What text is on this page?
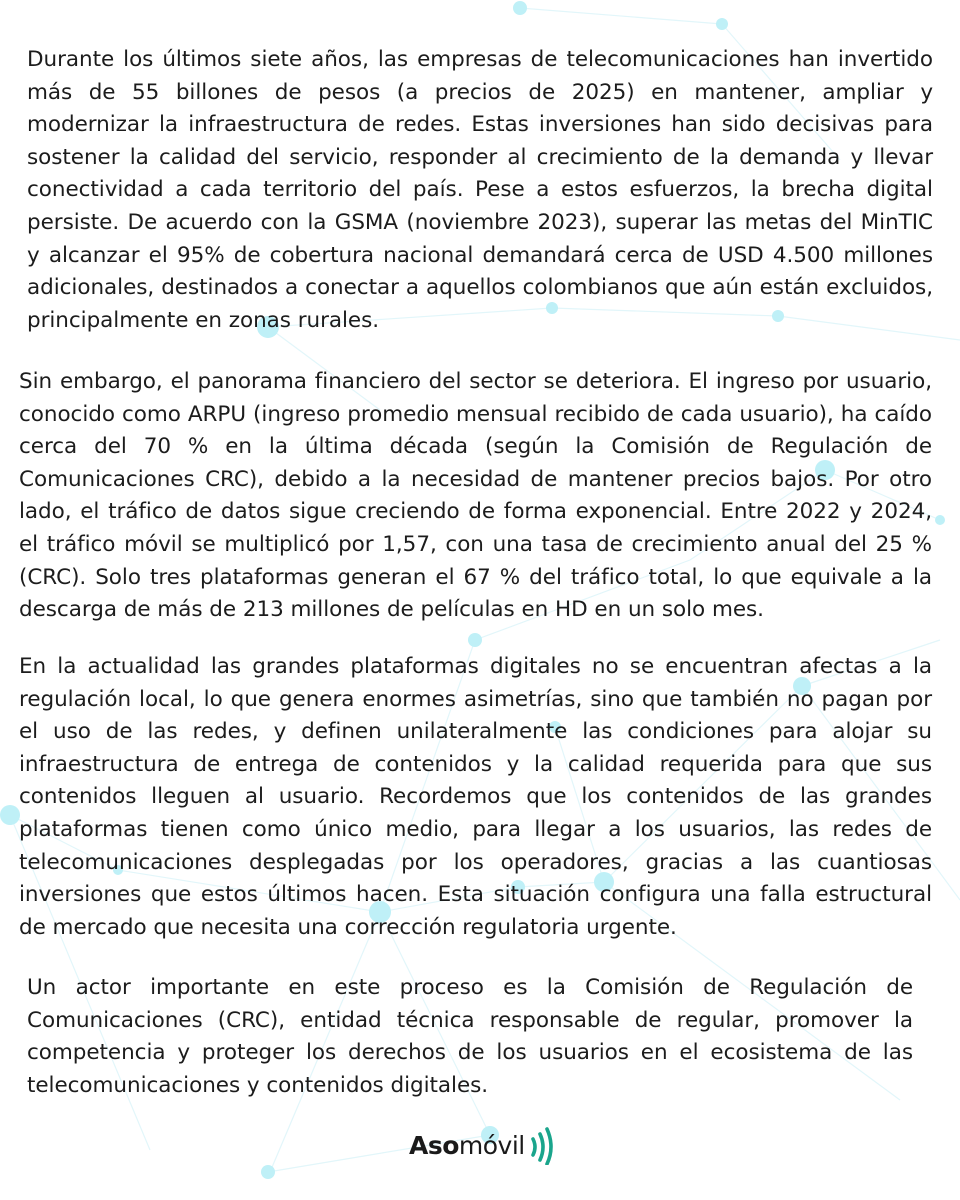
Durante los últimos siete años, las empresas de telecomunicaciones han invertido más de 55 billones de pesos (a precios de 2025) en mantener, ampliar y modernizar la infraestructura de redes. Estas inversiones han sido decisivas para sostener la calidad del servicio, responder al crecimiento de la demanda y llevar conectividad a cada territorio del país. Pese a estos esfuerzos, la brecha digital persiste. De acuerdo con la GSMA (noviembre 2023), superar las metas del MinTIC y alcanzar el 95% de cobertura nacional demandará cerca de USD 4.500 millones adicionales, destinados a conectar a aquellos colombianos que aún están excluidos, principalmente en zonas rurales.

Sin embargo, el panorama financiero del sector se deteriora. El ingreso por usuario, conocido como ARPU (ingreso promedio mensual recibido de cada usuario), ha caído cerca del 70 % en la última década (según la Comisión de Regulación de Comunicaciones CRC), debido a la necesidad de mantener precios bajos. Por otro lado, el tráfico de datos sigue creciendo de forma exponencial. Entre 2022 y 2024, el tráfico móvil se multiplicó por 1,57, con una tasa de crecimiento anual del 25 % (CRC). Solo tres plataformas generan el 67 % del tráfico total, lo que equivale a la descarga de más de 213 millones de películas en HD en un solo mes.

En la actualidad las grandes plataformas digitales no se encuentran afectas a la regulación local, lo que genera enormes asimetrías, sino que también no pagan por el uso de las redes, y definen unilateralmente las condiciones para alojar su infraestructura de entrega de contenidos y la calidad requerida para que sus contenidos lleguen al usuario. Recordemos que los contenidos de las grandes plataformas tienen como único medio, para llegar a los usuarios, las redes de telecomunicaciones desplegadas por los operadores, gracias a las cuantiosas inversiones que estos últimos hacen. Esta situación configura una falla estructural de mercado que necesita una corrección regulatoria urgente.

Un actor importante en este proceso es la Comisión de Regulación de Comunicaciones (CRC), entidad técnica responsable de regular, promover la competencia y proteger los derechos de los usuarios en el ecosistema de las telecomunicaciones y contenidos digitales.

Asomóvil
